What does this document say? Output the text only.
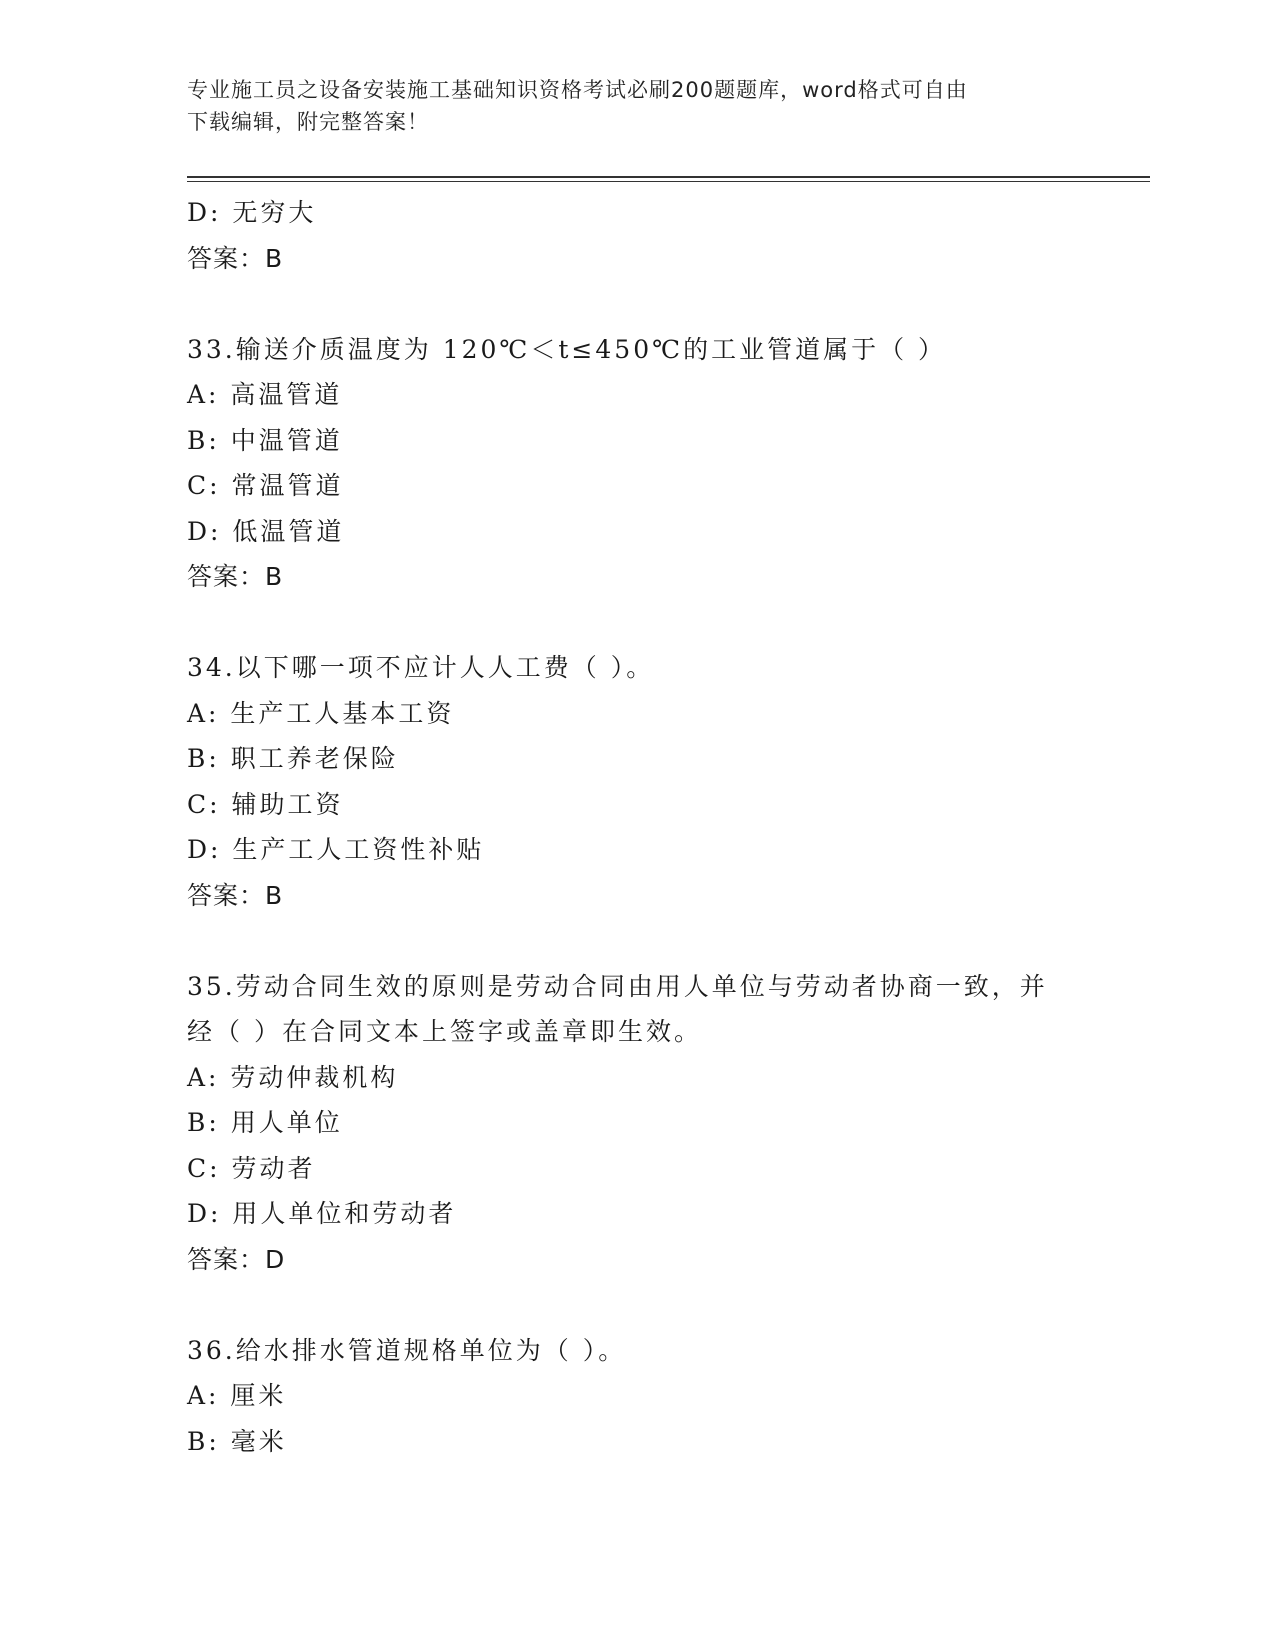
专业施工员之设备安装施工基础知识资格考试必刷200题题库，word格式可自由
下载编辑，附完整答案！
D: 无穷大
答案：B
33.输送介质温度为 120℃＜t≤450℃的工业管道属于（ ）
A: 高温管道
B: 中温管道
C: 常温管道
D: 低温管道
答案：B
34.以下哪一项不应计人人工费（ ）。
A: 生产工人基本工资
B: 职工养老保险
C: 辅助工资
D: 生产工人工资性补贴
答案：B
35.劳动合同生效的原则是劳动合同由用人单位与劳动者协商一致，并
经（ ）在合同文本上签字或盖章即生效。
A: 劳动仲裁机构
B: 用人单位
C: 劳动者
D: 用人单位和劳动者
答案：D
36.给水排水管道规格单位为（ ）。
A: 厘米
B: 毫米
